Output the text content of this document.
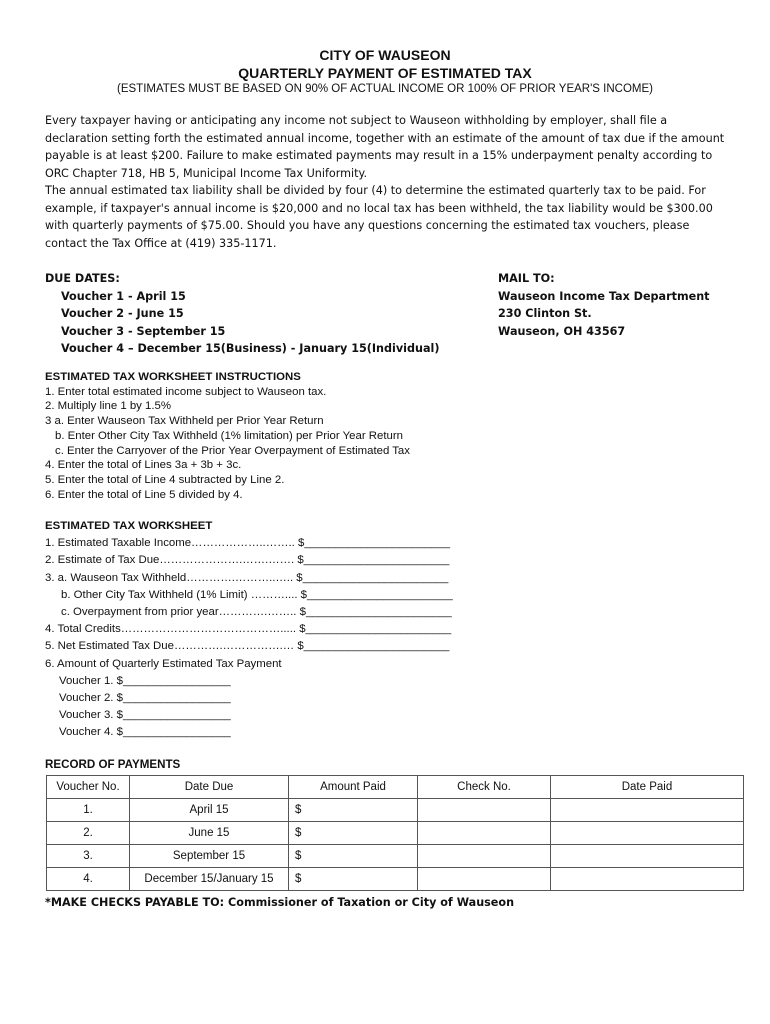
CITY OF WAUSEON
QUARTERLY PAYMENT OF ESTIMATED TAX
(ESTIMATES MUST BE BASED ON 90% OF ACTUAL INCOME OR 100% OF PRIOR YEAR'S INCOME)

Every taxpayer having or anticipating any income not subject to Wauseon withholding by employer, shall file a declaration setting forth the estimated annual income, together with an estimate of the amount of tax due if the amount payable is at least $200. Failure to make estimated payments may result in a 15% underpayment penalty according to ORC Chapter 718, HB 5, Municipal Income Tax Uniformity.

The annual estimated tax liability shall be divided by four (4) to determine the estimated quarterly tax to be paid. For example, if taxpayer's annual income is $20,000 and no local tax has been withheld, the tax liability would be $300.00 with quarterly payments of $75.00. Should you have any questions concerning the estimated tax vouchers, please contact the Tax Office at (419) 335-1171.

DUE DATES:
Voucher 1 - April 15
Voucher 2 - June 15
Voucher 3 - September 15
Voucher 4 – December 15(Business) - January 15(Individual)
MAIL TO:
Wauseon Income Tax Department
230 Clinton St.
Wauseon, OH 43567
ESTIMATED TAX WORKSHEET INSTRUCTIONS
1. Enter total estimated income subject to Wauseon tax.
2. Multiply line 1 by 1.5%
3 a. Enter Wauseon Tax Withheld per Prior Year Return
b. Enter Other City Tax Withheld (1% limitation) per Prior Year Return
c. Enter the Carryover of the Prior Year Overpayment of Estimated Tax
4. Enter the total of Lines 3a + 3b + 3c.
5. Enter the total of Line 4 subtracted by Line 2.
6. Enter the total of Line 5 divided by 4.
ESTIMATED TAX WORKSHEET
1. Estimated Taxable Income………………..…….. $_______________________
2. Estimate of Tax Due………………….…….……. $_______________________
3. a. Wauseon Tax Withheld………….………..….. $_______________________
b. Other City Tax Withheld (1% Limit) ……….... $_______________________
c. Overpayment from prior year………….…….. $_______________________
4. Total Credits……………………………………..... $_______________________
5. Net Estimated Tax Due………….…………….… $_______________________
6. Amount of Quarterly Estimated Tax Payment
Voucher 1. $_________________
Voucher 2. $_________________
Voucher 3. $_________________
Voucher 4. $_________________
RECORD OF PAYMENTS
Voucher No.	Date Due	Amount Paid	Check No.	Date Paid
1.	April 15	$		
2.	June 15	$		
3.	September 15	$		
4.	December 15/January 15	$		
*MAKE CHECKS PAYABLE TO: Commissioner of Taxation or City of Wauseon
